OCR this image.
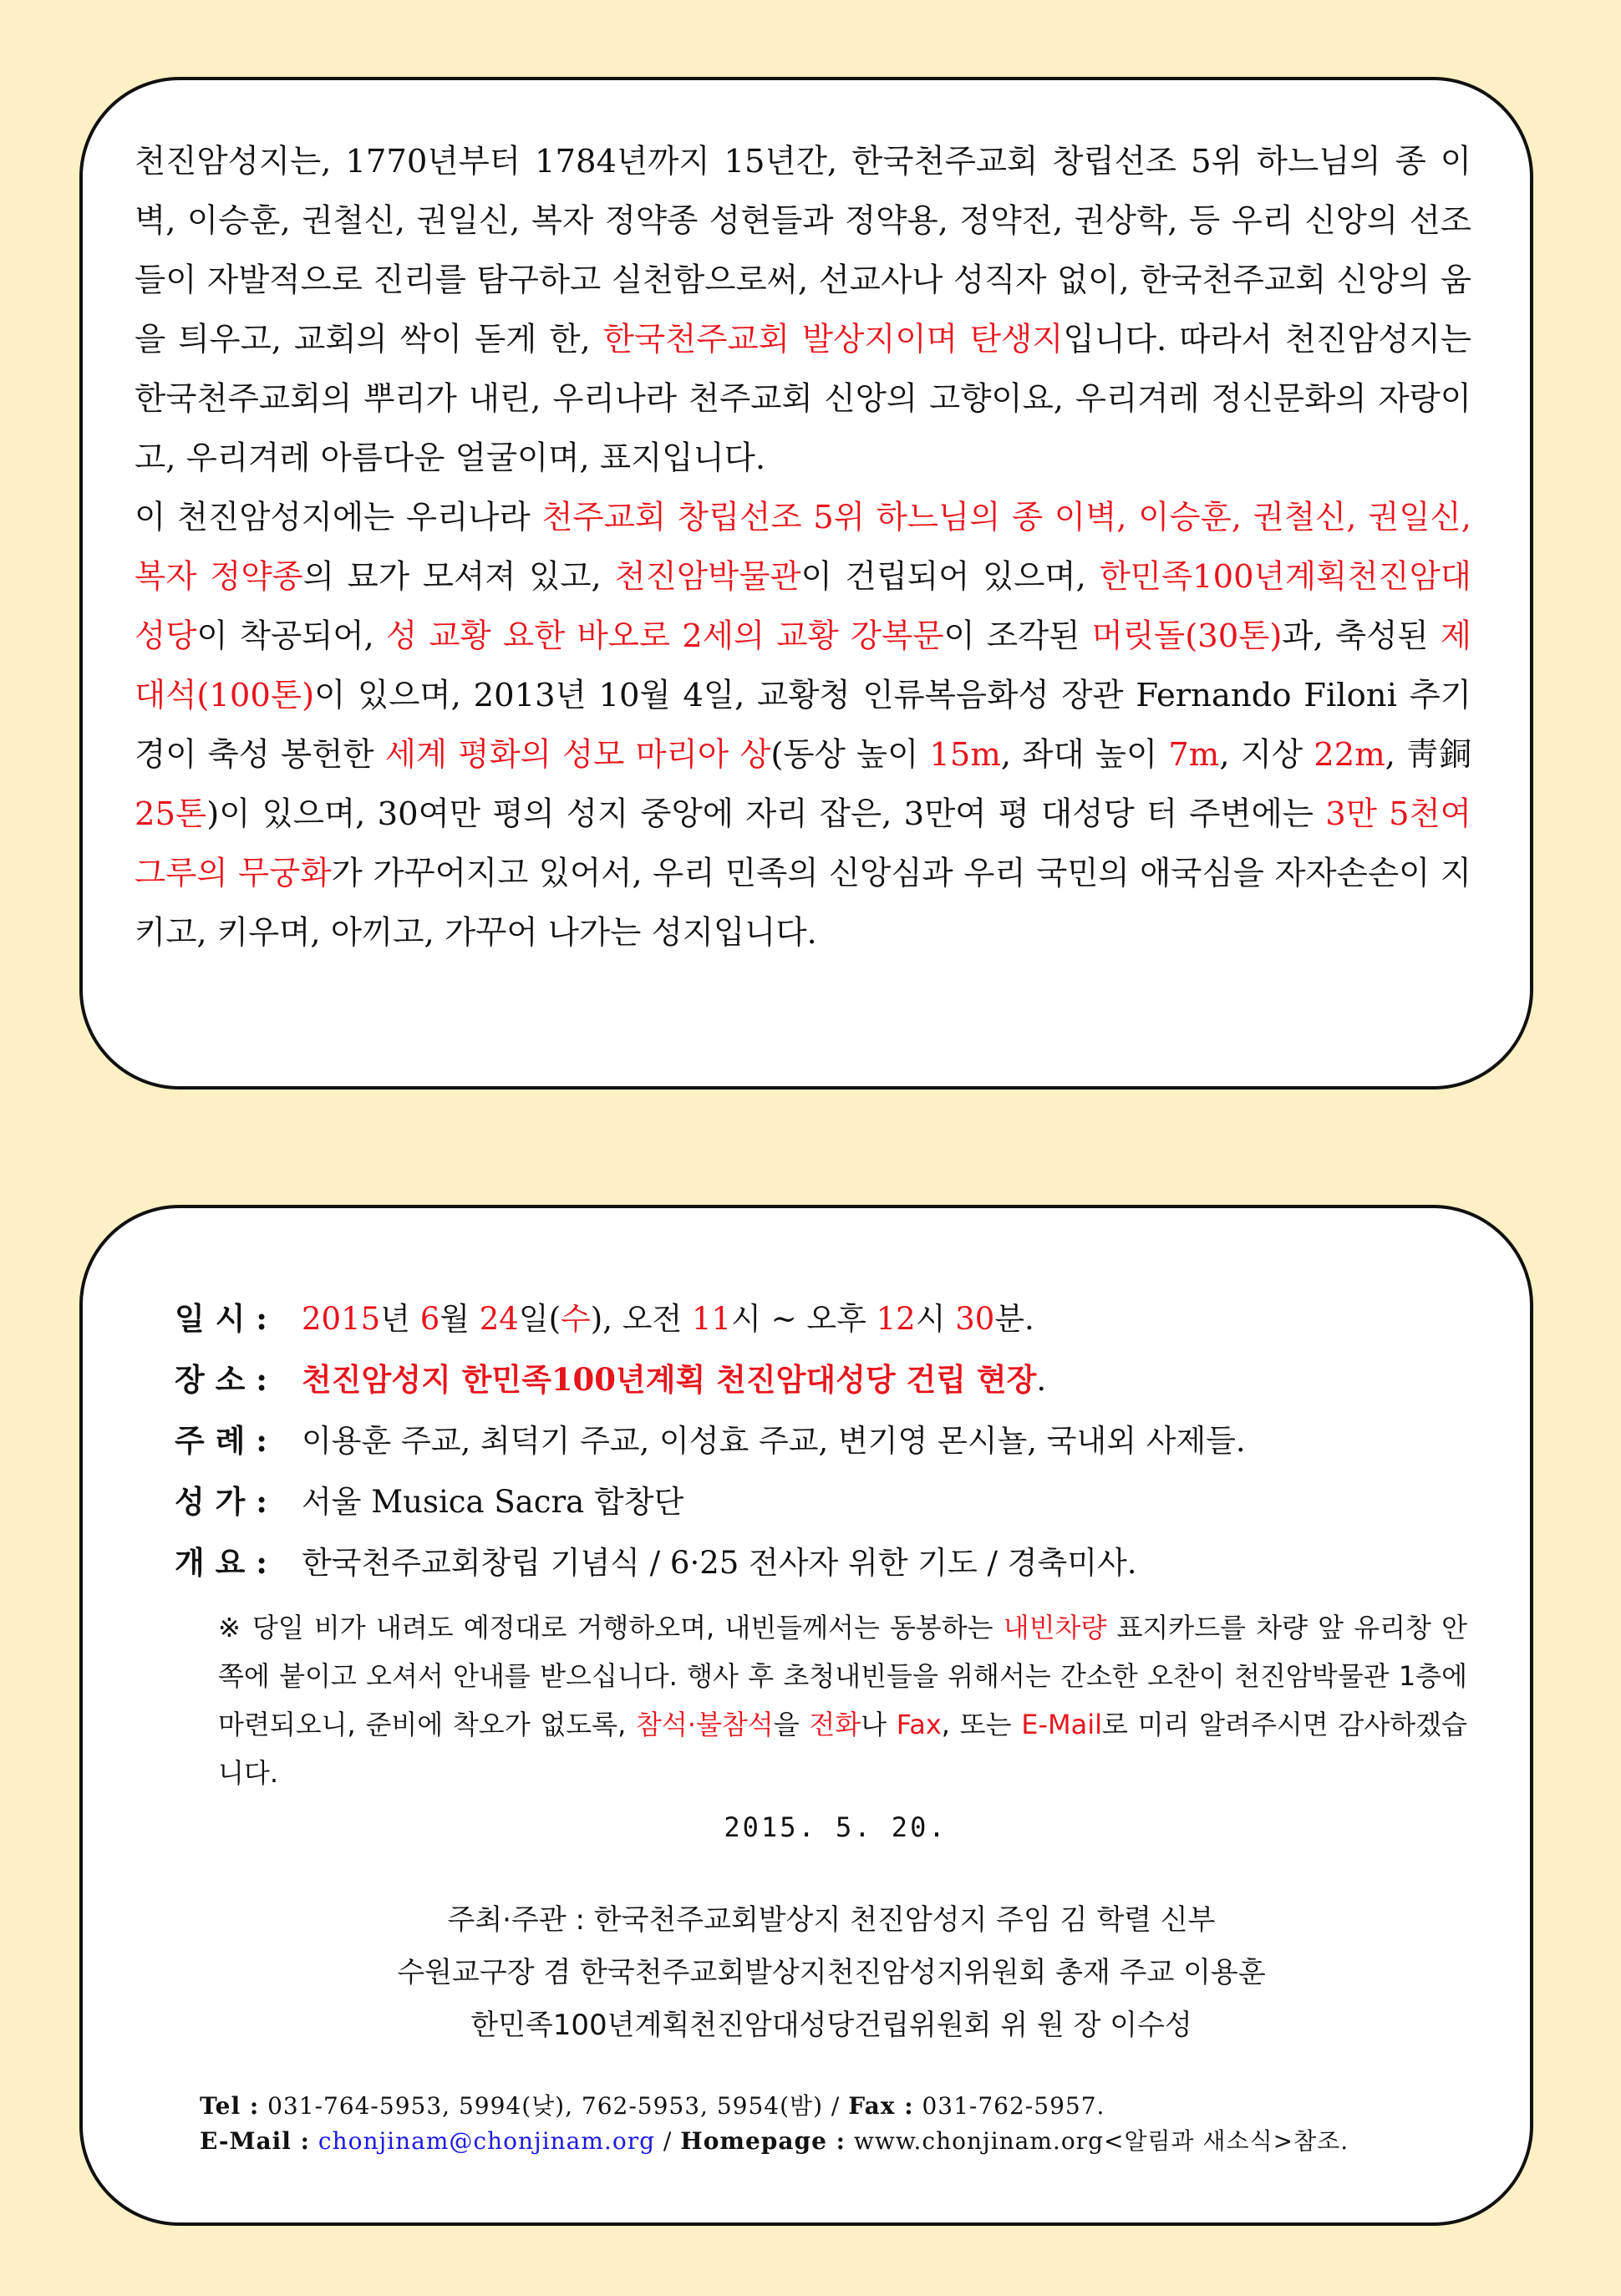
천진암성지는, 1770년부터 1784년까지 15년간, 한국천주교회 창립선조 5위 하느님의 종 이벽, 이승훈, 권철신, 권일신, 복자 정약종 성현들과 정약용, 정약전, 권상학, 등 우리 신앙의 선조들이 자발적으로 진리를 탐구하고 실천함으로써, 선교사나 성직자 없이, 한국천주교회 신앙의 움을 틔우고, 교회의 싹이 돋게 한, 한국천주교회 발상지이며 탄생지입니다. 따라서 천진암성지는 한국천주교회의 뿌리가 내린, 우리나라 천주교회 신앙의 고향이요, 우리겨레 정신문화의 자랑이고, 우리겨레 아름다운 얼굴이며, 표지입니다.

이 천진암성지에는 우리나라 천주교회 창립선조 5위 하느님의 종 이벽, 이승훈, 권철신, 권일신, 복자 정약종의 묘가 모셔져 있고, 천진암박물관이 건립되어 있으며, 한민족100년계획천진암대성당이 착공되어, 성 교황 요한 바오로 2세의 교황 강복문이 조각된 머릿돌(30톤)과, 축성된 제대석(100톤)이 있으며, 2013년 10월 4일, 교황청 인류복음화성 장관 Fernando Filoni 추기경이 축성 봉헌한 세계 평화의 성모 마리아 상(동상 높이 15m, 좌대 높이 7m, 지상 22m, 靑銅 25톤)이 있으며, 30여만 평의 성지 중앙에 자리 잡은, 3만여 평 대성당 터 주변에는 3만 5천여 그루의 무궁화가 가꾸어지고 있어서, 우리 민족의 신앙심과 우리 국민의 애국심을 자자손손이 지키고, 키우며, 아끼고, 가꾸어 나가는 성지입니다.

일 시 : 2015년 6월 24일(수), 오전 11시 ~ 오후 12시 30분.
장 소 : 천진암성지 한민족100년계획 천진암대성당 건립 현장.
주 례 : 이용훈 주교, 최덕기 주교, 이성효 주교, 변기영 몬시뇰, 국내외 사제들.
성 가 : 서울 Musica Sacra 합창단
개 요 : 한국천주교회창립 기념식 / 6·25 전사자 위한 기도 / 경축미사.

※ 당일 비가 내려도 예정대로 거행하오며, 내빈들께서는 동봉하는 내빈차량 표지카드를 차량 앞 유리창 안쪽에 붙이고 오셔서 안내를 받으십니다. 행사 후 초청내빈들을 위해서는 간소한 오찬이 천진암박물관 1층에 마련되오니, 준비에 착오가 없도록, 참석·불참석을 전화나 Fax, 또는 E-Mail로 미리 알려주시면 감사하겠습니다.

2015. 5. 20.
주최·주관 : 한국천주교회발상지 천진암성지 주임 김 학렬 신부
수원교구장 겸 한국천주교회발상지천진암성지위원회 총재 주교 이용훈
한민족100년계획천진암대성당건립위원회 위 원 장 이수성
Tel : 031-764-5953, 5994(낮), 762-5953, 5954(밤) / Fax : 031-762-5957.
E-Mail : chonjinam@chonjinam.org / Homepage : www.chonjinam.org<알림과 새소식>참조.
